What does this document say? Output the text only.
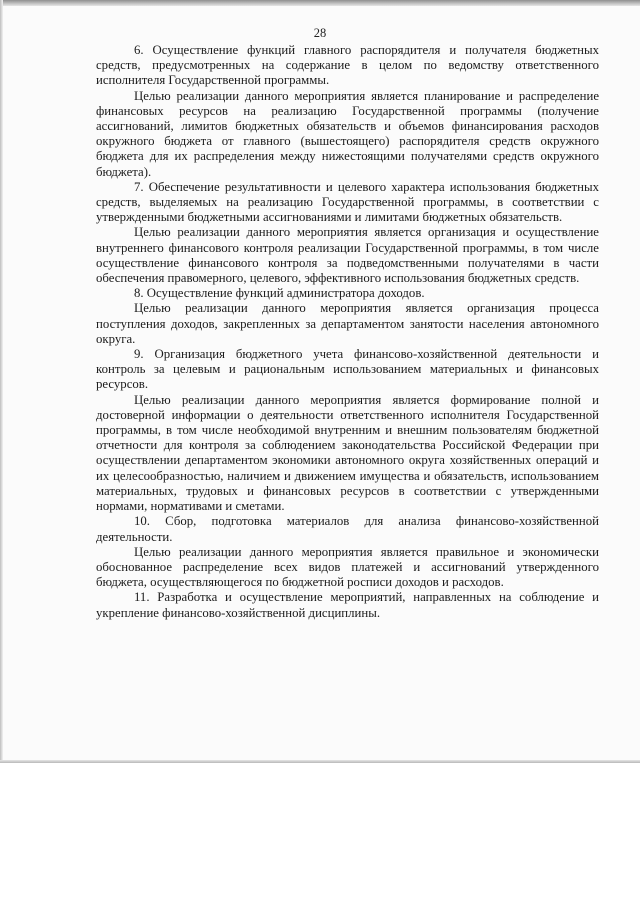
28

6. Осуществление функций главного распорядителя и получателя бюджетных средств, предусмотренных на содержание в целом по ведомству ответственного исполнителя Государственной программы.

Целью реализации данного мероприятия является планирование и распределение финансовых ресурсов на реализацию Государственной программы (получение ассигнований, лимитов бюджетных обязательств и объемов финансирования расходов окружного бюджета от главного (вышестоящего) распорядителя средств окружного бюджета для их распределения между нижестоящими получателями средств окружного бюджета).

7. Обеспечение результативности и целевого характера использования бюджетных средств, выделяемых на реализацию Государственной программы, в соответствии с утвержденными бюджетными ассигнованиями и лимитами бюджетных обязательств.

Целью реализации данного мероприятия является организация и осуществление внутреннего финансового контроля реализации Государственной программы, в том числе осуществление финансового контроля за подведомственными получателями в части обеспечения правомерного, целевого, эффективного использования бюджетных средств.

8. Осуществление функций администратора доходов.

Целью реализации данного мероприятия является организация процесса поступления доходов, закрепленных за департаментом занятости населения автономного округа.

9. Организация бюджетного учета финансово-хозяйственной деятельности и контроль за целевым и рациональным использованием материальных и финансовых ресурсов.

Целью реализации данного мероприятия является формирование полной и достоверной информации о деятельности ответственного исполнителя Государственной программы, в том числе необходимой внутренним и внешним пользователям бюджетной отчетности для контроля за соблюдением законодательства Российской Федерации при осуществлении департаментом экономики автономного округа хозяйственных операций и их целесообразностью, наличием и движением имущества и обязательств, использованием материальных, трудовых и финансовых ресурсов в соответствии с утвержденными нормами, нормативами и сметами.

10. Сбор, подготовка материалов для анализа финансово-хозяйственной деятельности.

Целью реализации данного мероприятия является правильное и экономически обоснованное распределение всех видов платежей и ассигнований утвержденного бюджета, осуществляющегося по бюджетной росписи доходов и расходов.

11. Разработка и осуществление мероприятий, направленных на соблюдение и укрепление финансово-хозяйственной дисциплины.
